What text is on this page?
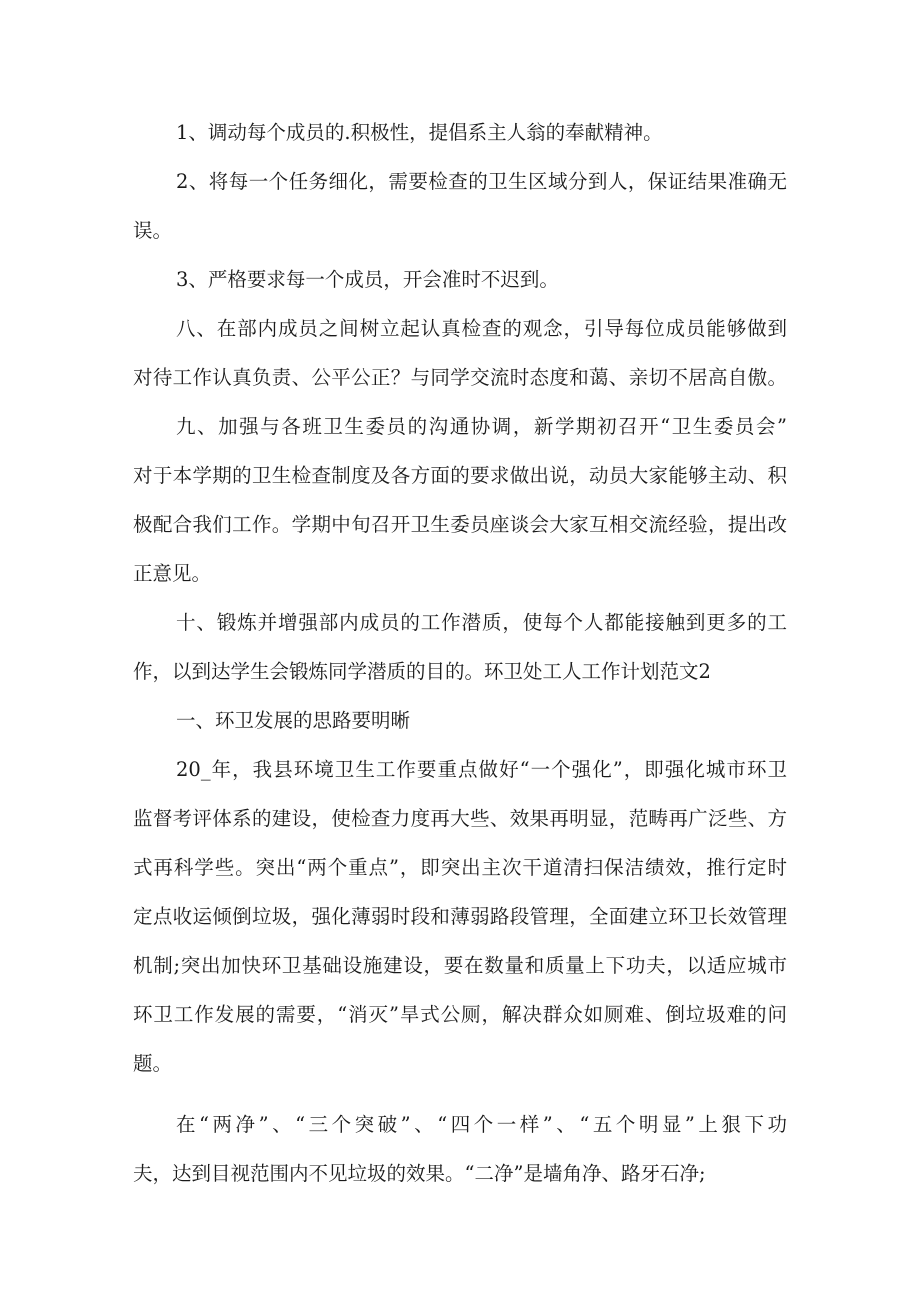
1、调动每个成员的.积极性，提倡系主人翁的奉献精神。
2、将每一个任务细化，需要检查的卫生区域分到人，保证结果准确无
误。
3、严格要求每一个成员，开会准时不迟到。
八、在部内成员之间树立起认真检查的观念，引导每位成员能够做到
对待工作认真负责、公平公正？与同学交流时态度和蔼、亲切不居高自傲。
九、加强与各班卫生委员的沟通协调，新学期初召开“卫生委员会”
对于本学期的卫生检查制度及各方面的要求做出说，动员大家能够主动、积
极配合我们工作。学期中旬召开卫生委员座谈会大家互相交流经验，提出改
正意见。
十、锻炼并增强部内成员的工作潜质，使每个人都能接触到更多的工
作，以到达学生会锻炼同学潜质的目的。环卫处工人工作计划范文2
一、环卫发展的思路要明晰
20_年，我县环境卫生工作要重点做好“一个强化”，即强化城市环卫
监督考评体系的建设，使检查力度再大些、效果再明显，范畴再广泛些、方
式再科学些。突出“两个重点”，即突出主次干道清扫保洁绩效，推行定时
定点收运倾倒垃圾，强化薄弱时段和薄弱路段管理，全面建立环卫长效管理
机制;突出加快环卫基础设施建设，要在数量和质量上下功夫，以适应城市
环卫工作发展的需要，“消灭”旱式公厕，解决群众如厕难、倒垃圾难的问
题。
在“两净”、“三个突破”、“四个一样”、“五个明显”上狠下功
夫，达到目视范围内不见垃圾的效果。“二净”是墙角净、路牙石净;
